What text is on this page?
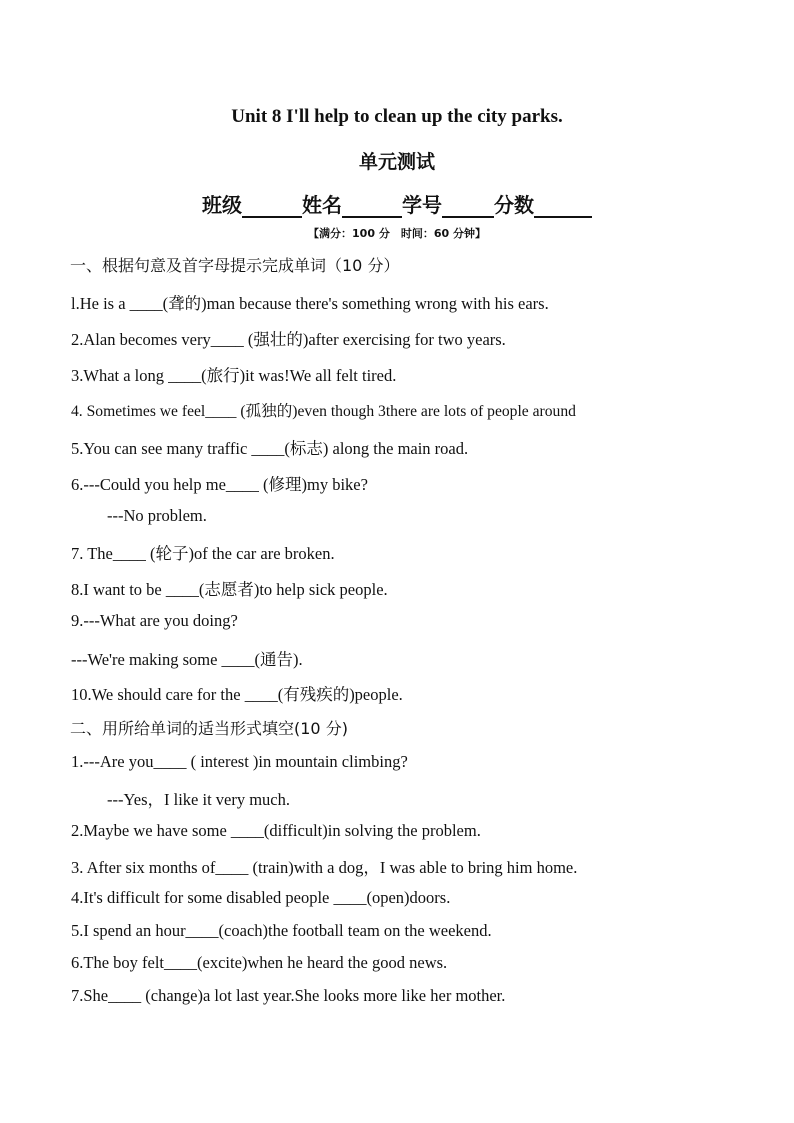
Unit 8 I'll help to clean up the city parks.
单元测试
班级	姓名	学号	分数
【满分：100 分　时间：60 分钟】
一、根据句意及首字母提示完成单词（10 分）
l.He is a ____(聋的)man because there's something wrong with his ears.
2.Alan becomes very____ (强壮的)after exercising for two years.
3.What a long ____(旅行)it was!We all felt tired.
4. Sometimes we feel____ (孤独的)even though 3there are lots of people around
5.You can see many traffic ____(标志) along the main road.
6.---Could you help me____ (修理)my bike?
---No problem.
7. The____ (轮子)of the car are broken.
8.I want to be ____(志愿者)to help sick people.
9.---What are you doing?
---We're making some ____(通告).
10.We should care for the ____(有残疾的)people.
二、用所给单词的适当形式填空(10 分)
1.---Are you____ ( interest )in mountain climbing?
---Yes，I like it very much.
2.Maybe we have some ____(difficult)in solving the problem.
3. After six months of____ (train)with a dog，I was able to bring him home.
4.It's difficult for some disabled people ____(open)doors.
5.I spend an hour____(coach)the football team on the weekend.
6.The boy felt____(excite)when he heard the good news.
7.She____ (change)a lot last year.She looks more like her mother.
